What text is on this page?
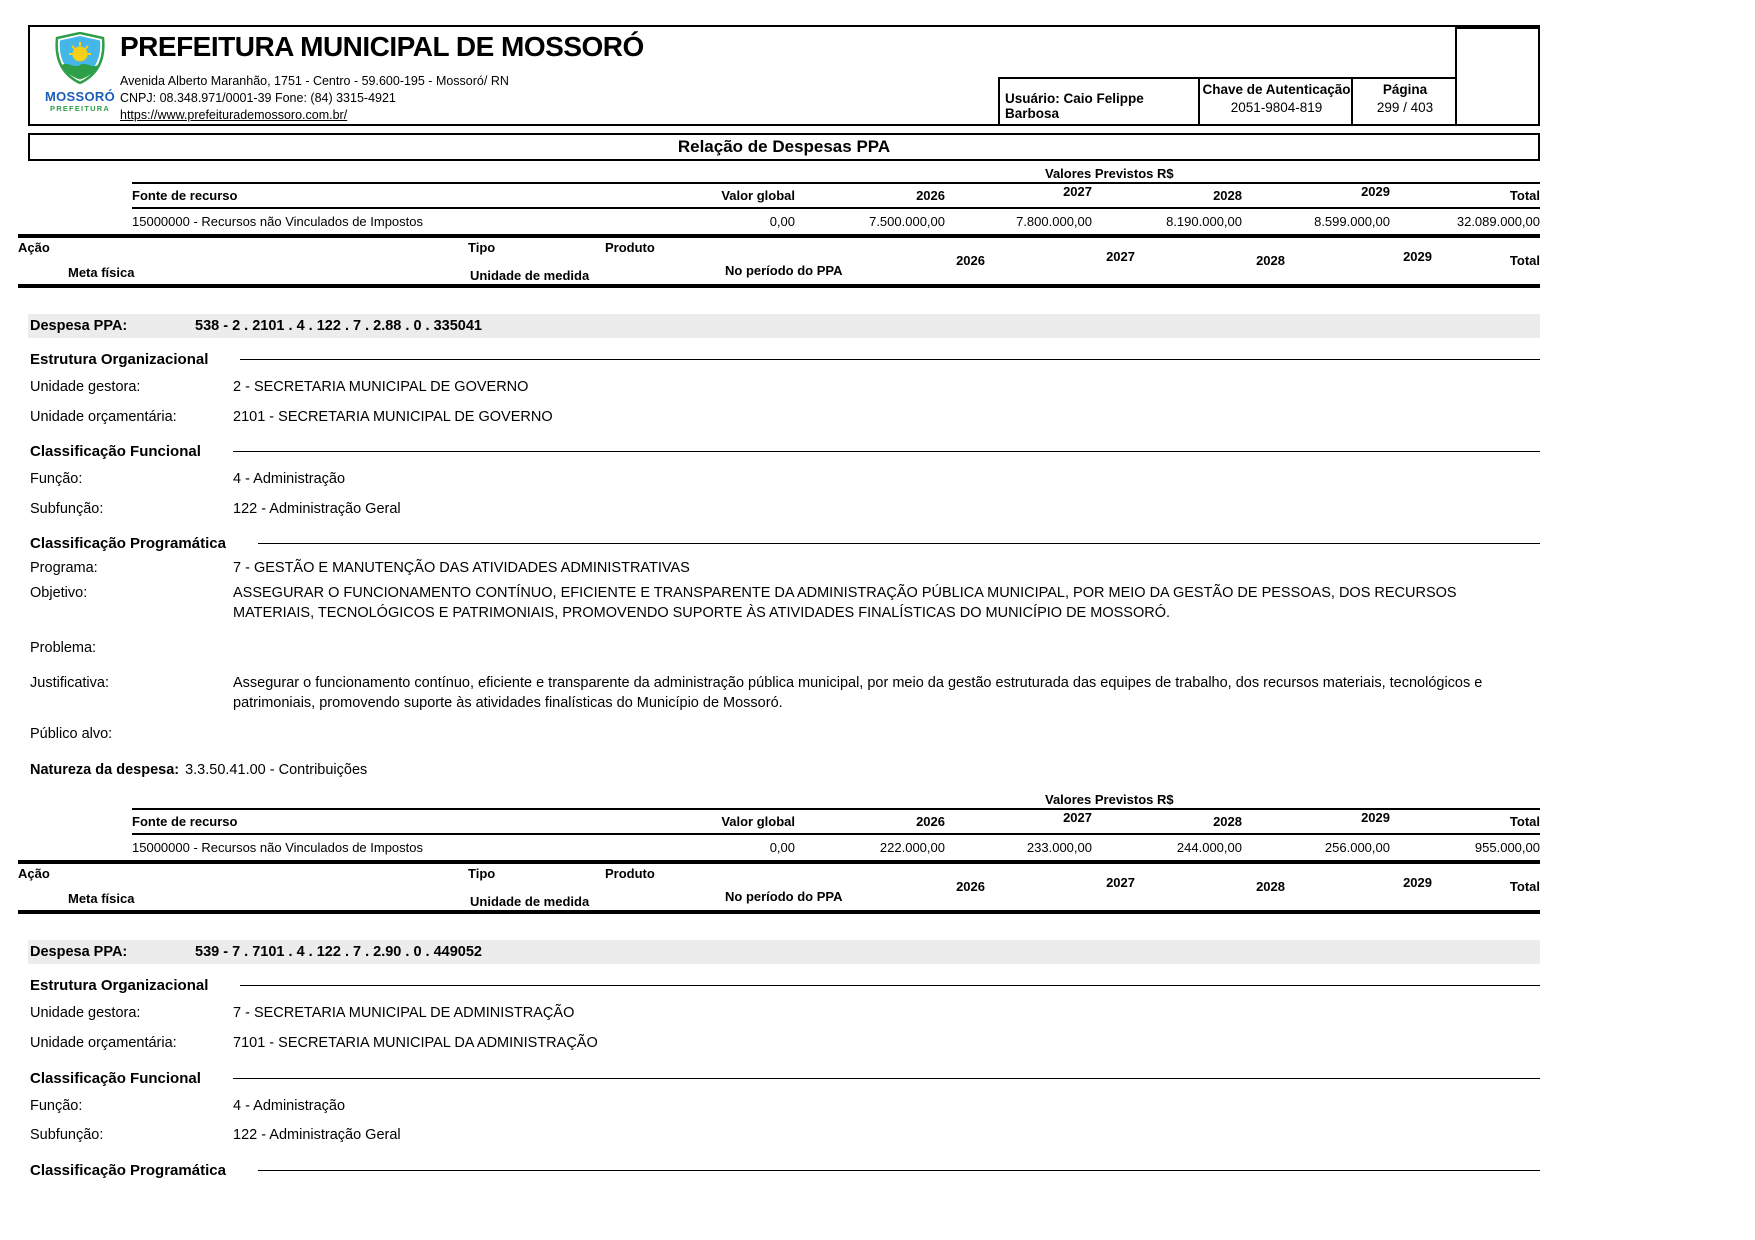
MOSSORÓ
PREFEITURA
PREFEITURA MUNICIPAL DE MOSSORÓ
Avenida Alberto Maranhão, 1751 - Centro - 59.600-195 - Mossoró/ RN
CNPJ: 08.348.971/0001-39 Fone: (84) 3315-4921
https://www.prefeiturademossoro.com.br/
Usuário: Caio Felippe Barbosa
Chave de Autenticação
2051-9804-819
Página
299 / 403
Relação de Despesas PPA
Valores Previstos R$
Fonte de recurso	Valor global	2026	2027	2028	2029	Total
15000000 - Recursos não Vinculados de Impostos	0,00	7.500.000,00	7.800.000,00	8.190.000,00	8.599.000,00	32.089.000,00
Ação	Tipo	Produto
2026	2027	2028	2029	Total
Meta física	Unidade de medida	No período do PPA
Despesa PPA:	538 - 2 . 2101 . 4 . 122 . 7 . 2.88 . 0 . 335041
Estrutura Organizacional
Unidade gestora:	2 - SECRETARIA MUNICIPAL DE GOVERNO
Unidade orçamentária:	2101 - SECRETARIA MUNICIPAL DE GOVERNO
Classificação Funcional
Função:	4 - Administração
Subfunção:	122 - Administração Geral
Classificação Programática
Programa:	7 - GESTÃO E MANUTENÇÃO DAS ATIVIDADES ADMINISTRATIVAS
Objetivo:	ASSEGURAR O FUNCIONAMENTO CONTÍNUO, EFICIENTE E TRANSPARENTE DA ADMINISTRAÇÃO PÚBLICA MUNICIPAL, POR MEIO DA GESTÃO DE PESSOAS, DOS RECURSOS MATERIAIS, TECNOLÓGICOS E PATRIMONIAIS, PROMOVENDO SUPORTE ÀS ATIVIDADES FINALÍSTICAS DO MUNICÍPIO DE MOSSORÓ.
Problema:
Justificativa:	Assegurar o funcionamento contínuo, eficiente e transparente da administração pública municipal, por meio da gestão estruturada das equipes de trabalho, dos recursos materiais, tecnológicos e patrimoniais, promovendo suporte às atividades finalísticas do Município de Mossoró.
Público alvo:
Natureza da despesa: 3.3.50.41.00 - Contribuições
Valores Previstos R$
Fonte de recurso	Valor global	2026	2027	2028	2029	Total
15000000 - Recursos não Vinculados de Impostos	0,00	222.000,00	233.000,00	244.000,00	256.000,00	955.000,00
Ação	Tipo	Produto
2026	2027	2028	2029	Total
Meta física	Unidade de medida	No período do PPA
Despesa PPA:	539 - 7 . 7101 . 4 . 122 . 7 . 2.90 . 0 . 449052
Estrutura Organizacional
Unidade gestora:	7 - SECRETARIA MUNICIPAL DE ADMINISTRAÇÃO
Unidade orçamentária:	7101 - SECRETARIA MUNICIPAL DA ADMINISTRAÇÃO
Classificação Funcional
Função:	4 - Administração
Subfunção:	122 - Administração Geral
Classificação Programática
